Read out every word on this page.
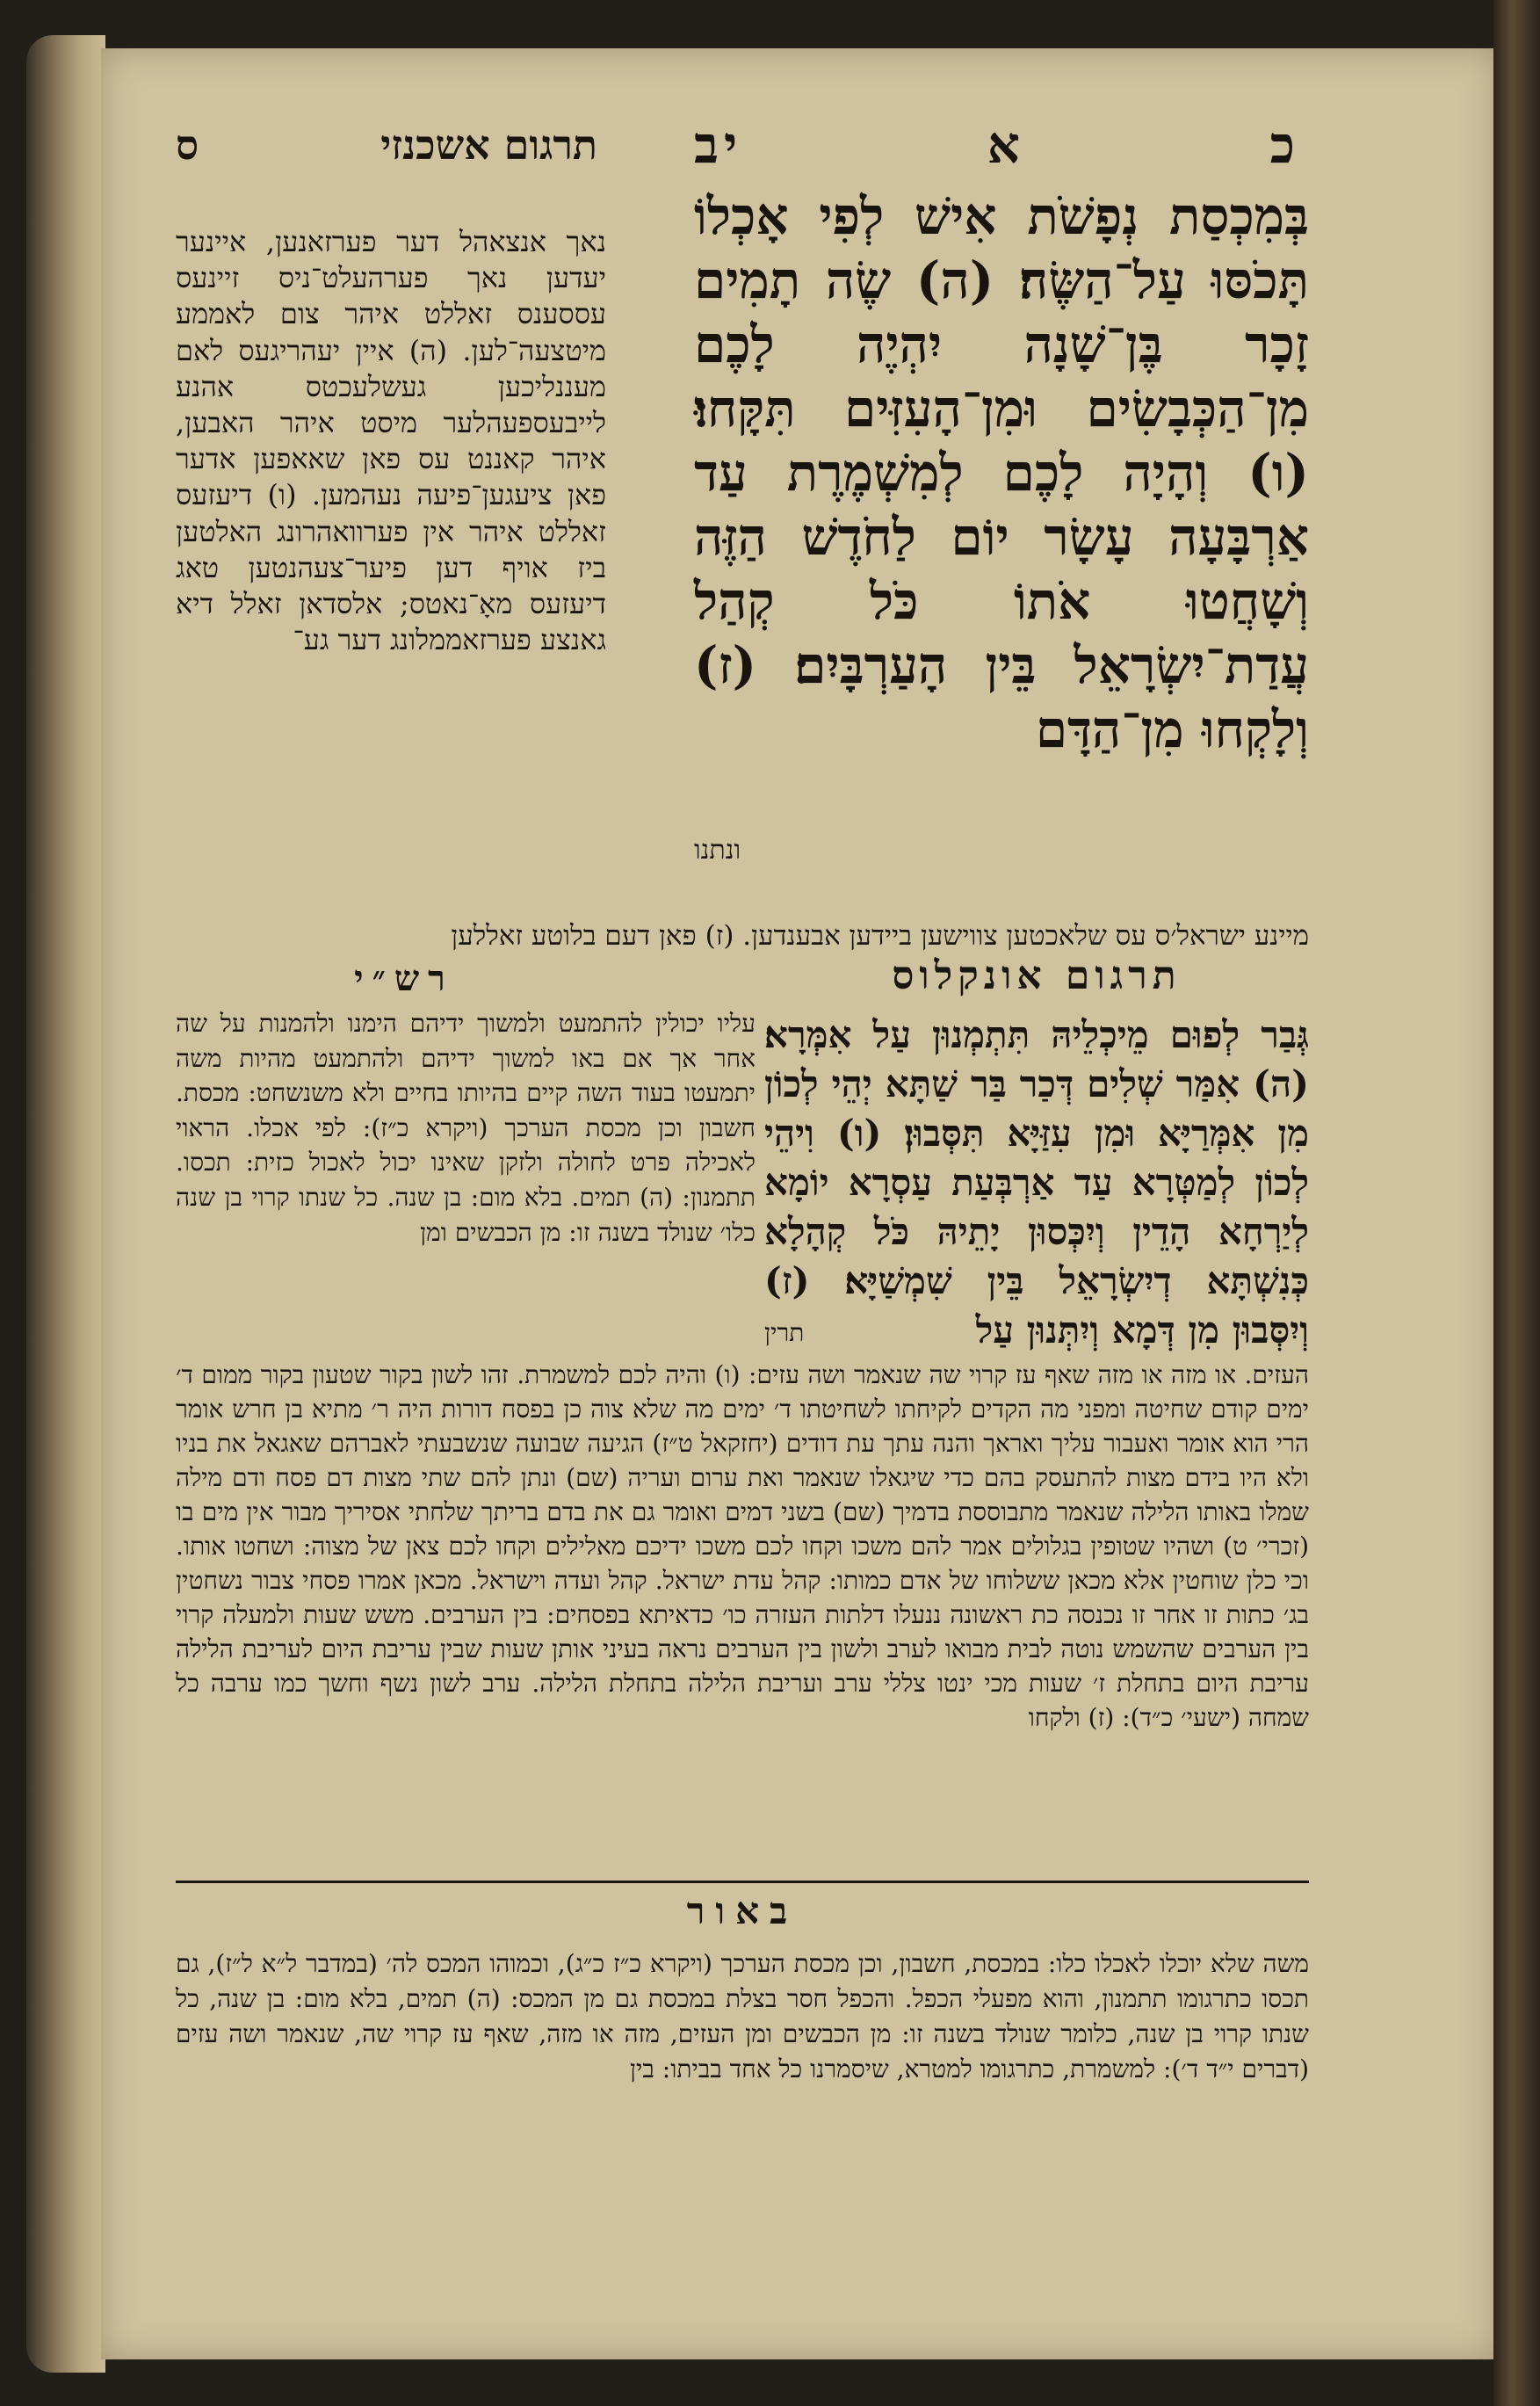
כ
א
יב
תרגום אשכנזי
ס
בְּמִכְסַת נְפָשֹׁת אִישׁ לְפִי אָכְלוֹ תָּכֹסּוּ עַל־הַשֶּׂה׃ (ה) שֶׂה תָמִים זָכָר בֶּן־שָׁנָה יִהְיֶה לָכֶם מִן־הַכְּבָשִׂים וּמִן־הָעִזִּים תִּקָּחוּ׃ (ו) וְהָיָה לָכֶם לְמִשְׁמֶרֶת עַד אַרְבָּעָה עָשָׂר יוֹם לַחֹדֶשׁ הַזֶּה וְשָׁחֲטוּ אֹתוֹ כֹּל קְהַל עֲדַת־יִשְׂרָאֵל בֵּין הָעַרְבָּיִם׃ (ז) וְלָקְחוּ מִן־הַדָּם
ונתנו
נאך אנצאהל דער פערזאנען, איינער יעדען נאך פערהעלט־ניס זיינעס עססענס זאללט איהר צום לאממע מיטצעה־לען. (ה) איין יעהריגעס לאם מעננליכען געשלעכטס אהנע לייבעספעהלער מיסט איהר האבען, איהר קאננט עס פאן שאאפען אדער פאן ציעגען־פיעה נעהמען. (ו) דיעזעס זאללט איהר אין פערוואהרונג האלטען ביז אויף דען פיער־צעהנטען טאג דיעזעס מאָ־נאטס; אלסדאן זאלל דיא גאנצע פערזאממלונג דער גע־
מיינע ישראל׳ס עס שלאכטען צווישען ביידען אבענדען. (ז) פאן דעם בלוטע זאללען
תרגום אונקלוס
רש״י
גְּבַר לְפוּם מֵיכְלֵיהּ תִּתְמְנוּן עַל אִמְּרָא׃ (ה) אִמַּר שְׁלִים דְּכַר בַּר שַׁתָּא יְהֵי לְכוֹן מִן אִמְּרַיָּא וּמִן עִזַּיָּא תִּסְּבוּן׃ (ו) וִיהֵי לְכוֹן לְמַטְּרָא עַד אַרְבְּעַת עַסְרָא יוֹמָא לְיַרְחָא הָדֵין וְיִכְּסוּן יָתֵיהּ כֹּל קְהָלָא כְּנִשְׁתָּא דְיִשְׂרָאֵל בֵּין שִׁמְשַׁיָּא׃ (ז) וְיִסְּבוּן מִן דְּמָא וְיִתְּנוּן עַל
תרין
עליו יכולין להתמעט ולמשוך ידיהם הימנו ולהמנות על שה אחר אך אם באו למשוך ידיהם ולהתמעט מהיות משה יתמעטו בעוד השה קיים בהיותו בחיים ולא משנשחט: מכסת. חשבון וכן מכסת הערכך (ויקרא כ״ז): לפי אכלו. הראוי לאכילה פרט לחולה ולזקן שאינו יכול לאכול כזית: תכסו. תתמנון: (ה) תמים. בלא מום: בן שנה. כל שנתו קרוי בן שנה כלו׳ שנולד בשנה זו: מן הכבשים ומן
העזים. או מזה או מזה שאף עז קרוי שה שנאמר ושה עזים: (ו) והיה לכם למשמרת. זהו לשון בקור שטעון בקור ממום ד׳ ימים קודם שחיטה ומפני מה הקדים לקיחתו לשחיטתו ד׳ ימים מה שלא צוה כן בפסח דורות היה ר׳ מתיא בן חרש אומר הרי הוא אומר ואעבור עליך ואראך והנה עתך עת דודים (יחזקאל ט״ז) הגיעה שבועה שנשבעתי לאברהם שאגאל את בניו ולא היו בידם מצות להתעסק בהם כדי שיגאלו שנאמר ואת ערום ועריה (שם) ונתן להם שתי מצות דם פסח ודם מילה שמלו באותו הלילה שנאמר מתבוססת בדמיך (שם) בשני דמים ואומר גם את בדם בריתך שלחתי אסיריך מבור אין מים בו (זכרי׳ ט) ושהיו שטופין בגלולים אמר להם משכו וקחו לכם משכו ידיכם מאלילים וקחו לכם צאן של מצוה: ושחטו אותו. וכי כלן שוחטין אלא מכאן ששלוחו של אדם כמותו: קהל עדת ישראל. קהל ועדה וישראל. מכאן אמרו פסחי צבור נשחטין בג׳ כתות זו אחר זו נכנסה כת ראשונה ננעלו דלתות העזרה כו׳ כדאיתא בפסחים: בין הערבים. משש שעות ולמעלה קרוי בין הערבים שהשמש נוטה לבית מבואו לערב ולשון בין הערבים נראה בעיני אותן שעות שבין עריבת היום לעריבת הלילה עריבת היום בתחלת ז׳ שעות מכי ינטו צללי ערב ועריבת הלילה בתחלת הלילה. ערב לשון נשף וחשך כמו ערבה כל שמחה (ישעי׳ כ״ד): (ז) ולקחו
באור
משה שלא יוכלו לאכלו כלו: במכסת, חשבון, וכן מכסת הערכך (ויקרא כ״ז כ״ג), וכמוהו המכס לה׳ (במדבר ל״א ל״ז), גם תכסו כתרגומו תתמנון, והוא מפעלי הכפל. והכפל חסר בצלת במכסת גם מן המכס: (ה) תמים, בלא מום: בן שנה, כל שנתו קרוי בן שנה, כלומר שנולד בשנה זו: מן הכבשים ומן העזים, מזה או מזה, שאף עז קרוי שה, שנאמר ושה עזים (דברים י״ד ד׳): למשמרת, כתרגומו למטרא, שיסמרנו כל אחד בביתו: בין
